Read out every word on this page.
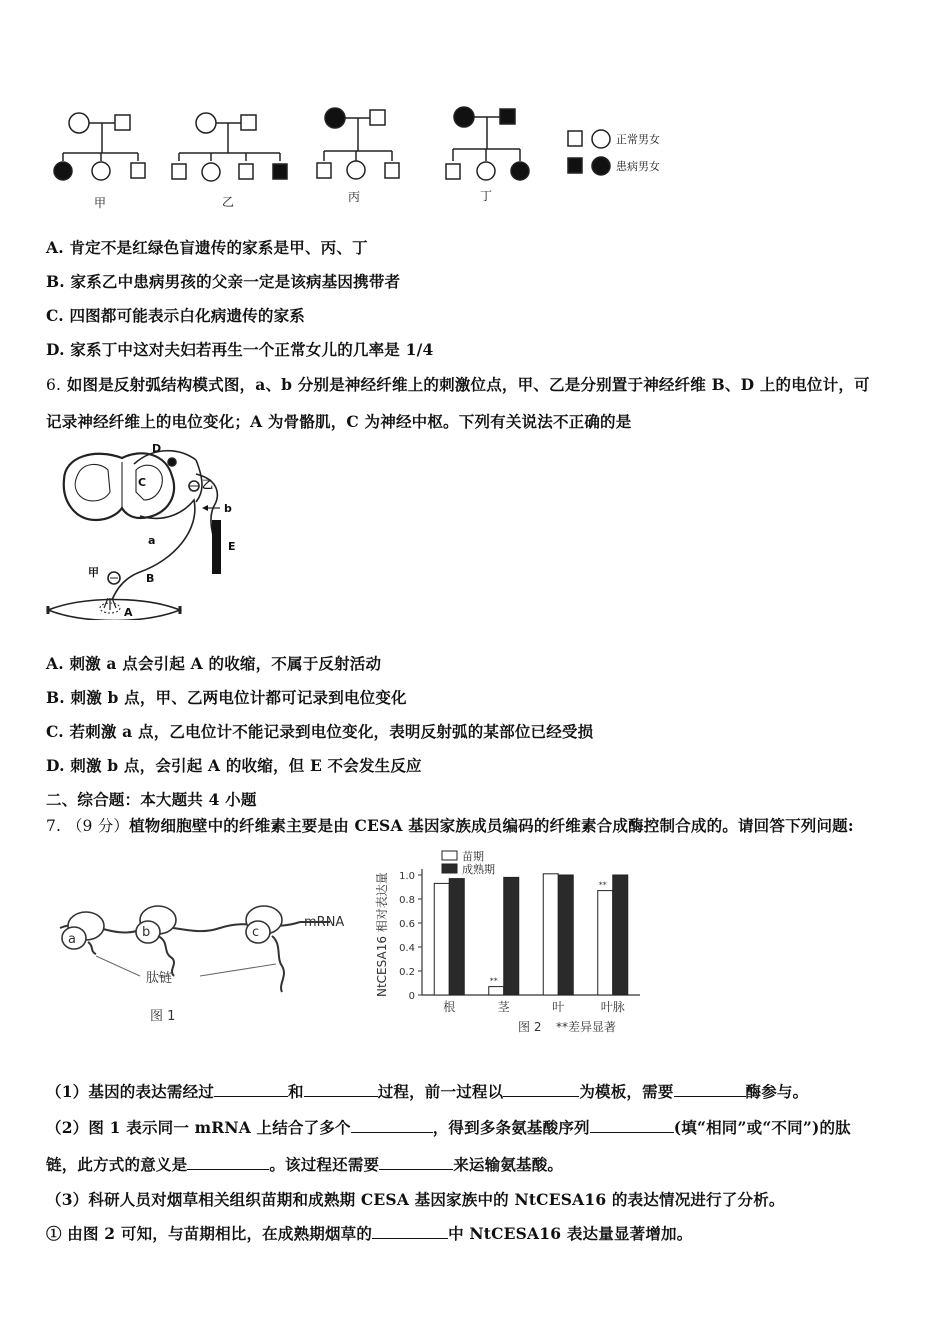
甲	乙	丙	丁
正常男女
患病男女
A. 肯定不是红绿色盲遗传的家系是甲、丙、丁
B. 家系乙中患病男孩的父亲一定是该病基因携带者
C. 四图都可能表示白化病遗传的家系
D. 家系丁中这对夫妇若再生一个正常女儿的几率是 1/4
6. 如图是反射弧结构模式图，a、b 分别是神经纤维上的刺激位点，甲、乙是分别置于神经纤维 B、D 上的电位计，可
记录神经纤维上的电位变化；A 为骨骼肌，C 为神经中枢。下列有关说法不正确的是
D
C	乙
b
a	E
甲	B
A
A. 刺激 a 点会引起 A 的收缩，不属于反射活动
B. 刺激 b 点，甲、乙两电位计都可记录到电位变化
C. 若刺激 a 点，乙电位计不能记录到电位变化，表明反射弧的某部位已经受损
D. 刺激 b 点，会引起 A 的收缩，但 E 不会发生反应
二、综合题：本大题共 4 小题
7. （9 分）植物细胞壁中的纤维素主要是由 CESA 基因家族成员编码的纤维素合成酶控制合成的。请回答下列问题:
a	b	c
mRNA
肽链
图 1
0
0.2
0.4
0.6
0.8
1.0
根
**
茎	叶
**
叶脉
NtCESA16 相对表达量
苗期
成熟期
图 2 **差异显著
（1）基因的表达需经过	和	过程，前一过程以	为模板，需要	酶参与。
（2）图 1 表示同一 mRNA 上结合了多个	，得到多条氨基酸序列	(填“相同”或“不同”)的肽
链，此方式的意义是	。该过程还需要	来运输氨基酸。
（3）科研人员对烟草相关组织苗期和成熟期 CESA 基因家族中的 NtCESA16 的表达情况进行了分析。
① 由图 2 可知，与苗期相比，在成熟期烟草的	中 NtCESA16 表达量显著增加。
